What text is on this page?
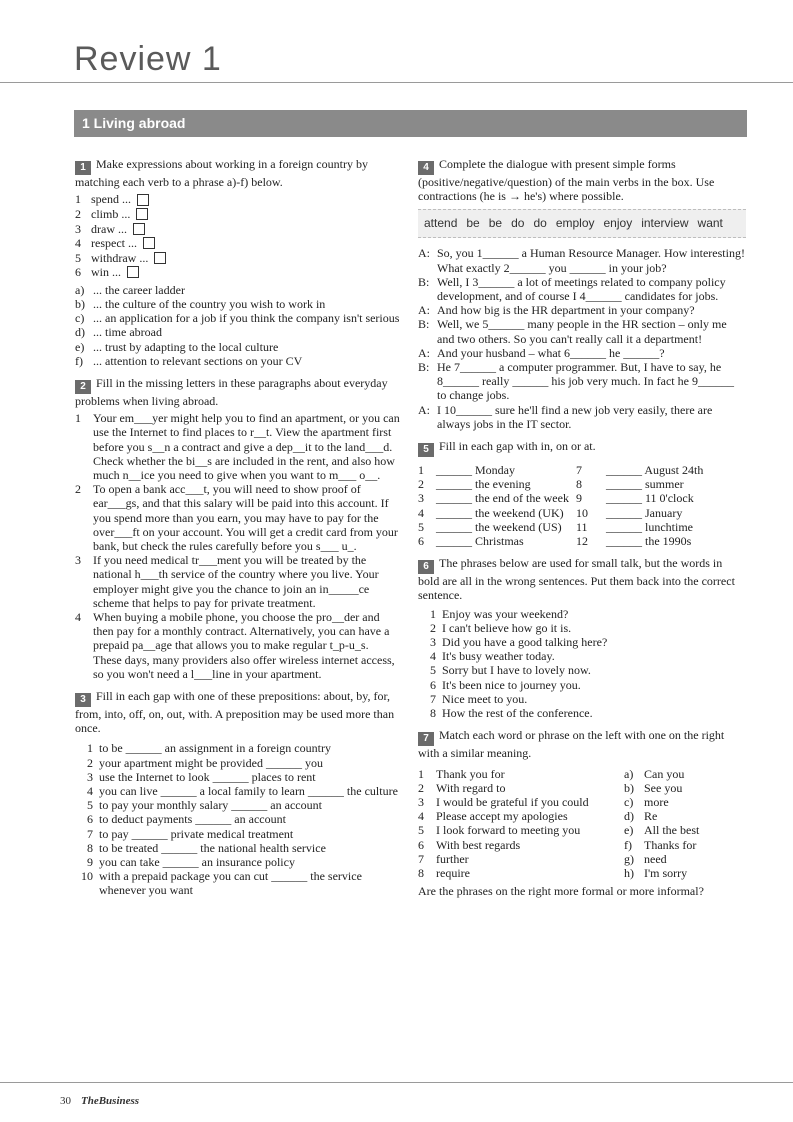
Review 1
1 Living abroad
1 Make expressions about working in a foreign country by matching each verb to a phrase a)-f) below.
1 spend ...
2 climb ...
3 draw ...
4 respect ...
5 withdraw ...
6 win ...
a) ... the career ladder
b) ... the culture of the country you wish to work in
c) ... an application for a job if you think the company isn't serious
d) ... time abroad
e) ... trust by adapting to the local culture
f) ... attention to relevant sections on your CV
2 Fill in the missing letters in these paragraphs about everyday problems when living abroad.
1	Your em___yer might help you to find an apartment, or you can use the Internet to find places to r__t. View the apartment first before you s__n a contract and give a dep__it to the land___d. Check whether the bi__s are included in the rent, and also how much n__ice you need to give when you want to m___ o__.
2	To open a bank acc___t, you will need to show proof of ear___gs, and that this salary will be paid into this account. If you spend more than you earn, you may have to pay for the over___ft on your account. You will get a credit card from your bank, but check the rules carefully before you s___ u_.
3	If you need medical tr___ment you will be treated by the national h___th service of the country where you live. Your employer might give you the chance to join an in_____ce scheme that helps to pay for private treatment.
4	When buying a mobile phone, you choose the pro__der and then pay for a monthly contract. Alternatively, you can have a prepaid pa__age that allows you to make regular t_p-u_s. These days, many providers also offer wireless internet access, so you won't need a l___line in your apartment.
3 Fill in each gap with one of these prepositions: about, by, for, from, into, off, on, out, with. A preposition may be used more than once.
1 to be ______ an assignment in a foreign country
2 your apartment might be provided ______ you
3 use the Internet to look ______ places to rent
4 you can live ______ a local family to learn ______ the culture
5 to pay your monthly salary ______ an account
6 to deduct payments ______ an account
7 to pay ______ private medical treatment
8 to be treated ______ the national health service
9 you can take ______ an insurance policy
10 with a prepaid package you can cut ______ the service whenever you want
4 Complete the dialogue with present simple forms (positive/negative/question) of the main verbs in the box. Use contractions (he is → he's) where possible.
attend be be do do employ enjoy interview want
A: So, you 1______ a Human Resource Manager. How interesting! What exactly 2______ you ______ in your job?
B: Well, I 3______ a lot of meetings related to company policy development, and of course I 4______ candidates for jobs.
A: And how big is the HR department in your company?
B: Well, we 5______ many people in the HR section – only me and two others. So you can't really call it a department!
A: And your husband – what 6______ he ______?
B: He 7______ a computer programmer. But, I have to say, he 8______ really ______ his job very much. In fact he 9______ to change jobs.
A: I 10______ sure he'll find a new job very easily, there are always jobs in the IT sector.
5 Fill in each gap with in, on or at.
1	______ Monday	7	______ August 24th
2	______ the evening	8	______ summer
3	______ the end of the week 9	______ 11 0'clock
4	______ the weekend (UK)	10	______ January
5	______ the weekend (US)	11	______ lunchtime
6	______ Christmas	12	______ the 1990s
6 The phrases below are used for small talk, but the words in bold are all in the wrong sentences. Put them back into the correct sentence.
1 Enjoy was your weekend?
2 I can't believe how go it is.
3 Did you have a good talking here?
4 It's busy weather today.
5 Sorry but I have to lovely now.
6 It's been nice to journey you.
7 Nice meet to you.
8 How the rest of the conference.
7 Match each word or phrase on the left with one on the right with a similar meaning.
1	Thank you for	a) Can you
2	With regard to	b) See you
3	I would be grateful if you could	c) more
4	Please accept my apologies	d) Re
5	I look forward to meeting you	e) All the best
6	With best regards	f)	Thanks for
7	further	g) need
8	require	h) I'm sorry
Are the phrases on the right more formal or more informal?
30 TheBusiness
